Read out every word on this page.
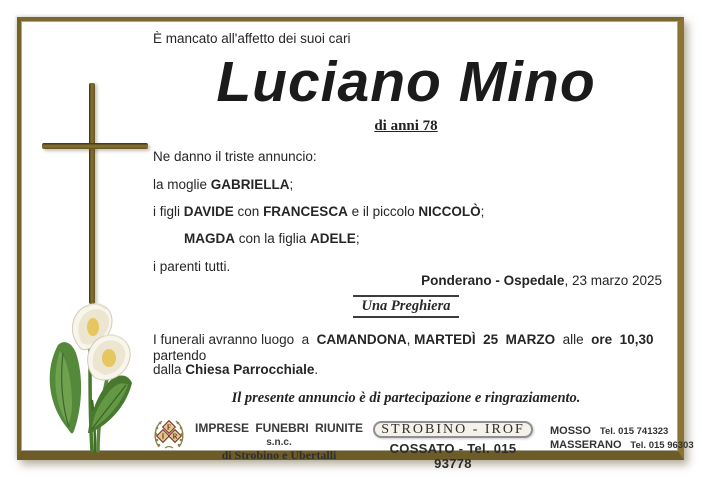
È mancato all'affetto dei suoi cari

Luciano Mino

di anni 78

Ne danno il triste annuncio:

la moglie GABRIELLA;

i figli DAVIDE con FRANCESCA e il piccolo NICCOLÒ;

MAGDA con la figlia ADELE;

i parenti tutti.

Ponderano - Ospedale, 23 marzo 2025

Una Preghiera

I funerali avranno luogo  a  CAMANDONA, MARTEDÌ  25  MARZO  alle  ore  10,30 partendo

dalla Chiesa Parrocchiale.

Il presente annuncio è di partecipazione e ringraziamento.

F
I R
IMPRESE FUNEBRI RIUNITE s.n.c.
di Strobino e Ubertalli
STROBINO - IROF

COSSATO - Tel. 015 93778

MOSSO Tel. 015 741323
MASSERANO Tel. 015 96303
